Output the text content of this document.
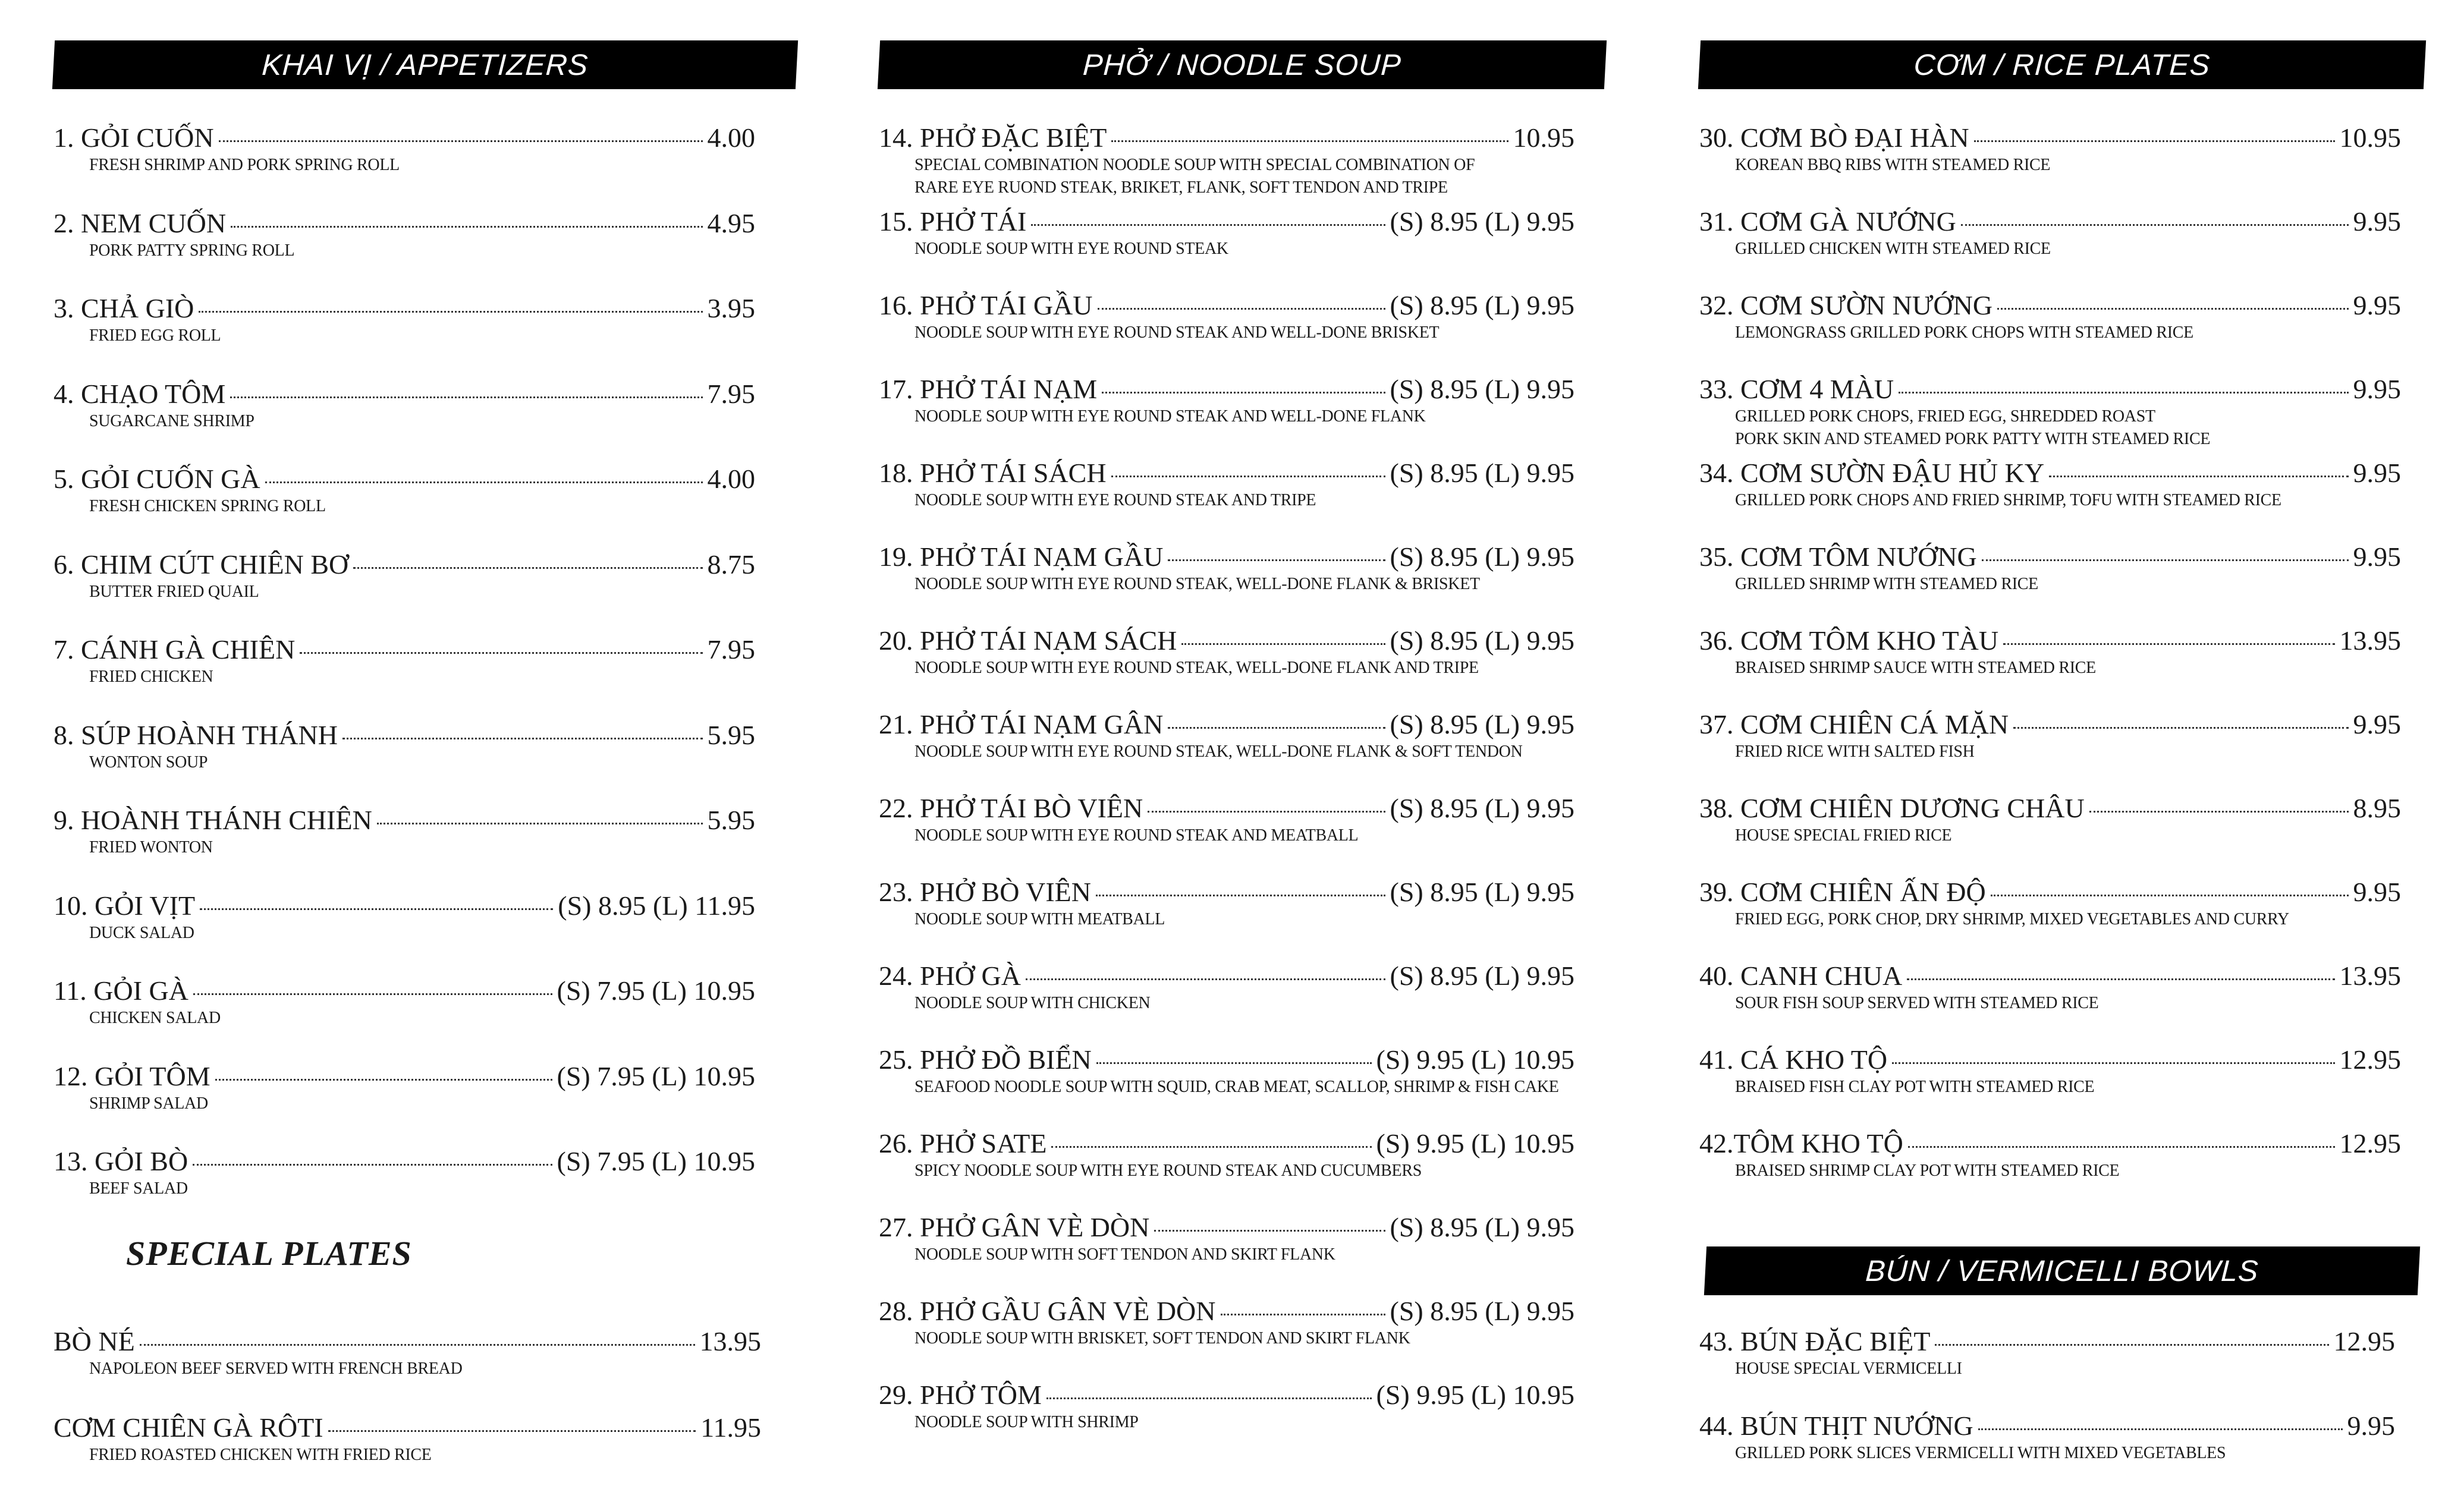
KHAI VỊ / APPETIZERS
1. GỎI CUỐN	4.00
FRESH SHRIMP AND PORK SPRING ROLL
2. NEM CUỐN	4.95
PORK PATTY SPRING ROLL
3. CHẢ GIÒ	3.95
FRIED EGG ROLL
4. CHẠO TÔM	7.95
SUGARCANE SHRIMP
5. GỎI CUỐN GÀ	4.00
FRESH CHICKEN SPRING ROLL
6. CHIM CÚT CHIÊN BƠ	8.75
BUTTER FRIED QUAIL
7. CÁNH GÀ CHIÊN	7.95
FRIED CHICKEN
8. SÚP HOÀNH THÁNH	5.95
WONTON SOUP
9. HOÀNH THÁNH CHIÊN	5.95
FRIED WONTON
10. GỎI VỊT	(S) 8.95 (L) 11.95
DUCK SALAD
11. GỎI GÀ	(S) 7.95 (L) 10.95
CHICKEN SALAD
12. GỎI TÔM	(S) 7.95 (L) 10.95
SHRIMP SALAD
13. GỎI BÒ	(S) 7.95 (L) 10.95
BEEF SALAD
SPECIAL PLATES
BÒ NÉ	13.95
NAPOLEON BEEF SERVED WITH FRENCH BREAD
CƠM CHIÊN GÀ RÔTI	11.95
FRIED ROASTED CHICKEN WITH FRIED RICE
PHỞ / NOODLE SOUP
14. PHỞ ĐẶC BIỆT	10.95
SPECIAL COMBINATION NOODLE SOUP WITH SPECIAL COMBINATION OF
RARE EYE RUOND STEAK, BRIKET, FLANK, SOFT TENDON AND TRIPE
15. PHỞ TÁI	(S) 8.95 (L) 9.95
NOODLE SOUP WITH EYE ROUND STEAK
16. PHỞ TÁI GẦU	(S) 8.95 (L) 9.95
NOODLE SOUP WITH EYE ROUND STEAK AND WELL-DONE BRISKET
17. PHỞ TÁI NẠM	(S) 8.95 (L) 9.95
NOODLE SOUP WITH EYE ROUND STEAK AND WELL-DONE FLANK
18. PHỞ TÁI SÁCH	(S) 8.95 (L) 9.95
NOODLE SOUP WITH EYE ROUND STEAK AND TRIPE
19. PHỞ TÁI NẠM GẦU	(S) 8.95 (L) 9.95
NOODLE SOUP WITH EYE ROUND STEAK, WELL-DONE FLANK & BRISKET
20. PHỞ TÁI NẠM SÁCH	(S) 8.95 (L) 9.95
NOODLE SOUP WITH EYE ROUND STEAK, WELL-DONE FLANK AND TRIPE
21. PHỞ TÁI NẠM GÂN	(S) 8.95 (L) 9.95
NOODLE SOUP WITH EYE ROUND STEAK, WELL-DONE FLANK & SOFT TENDON
22. PHỞ TÁI BÒ VIÊN	(S) 8.95 (L) 9.95
NOODLE SOUP WITH EYE ROUND STEAK AND MEATBALL
23. PHỞ BÒ VIÊN	(S) 8.95 (L) 9.95
NOODLE SOUP WITH MEATBALL
24. PHỞ GÀ	(S) 8.95 (L) 9.95
NOODLE SOUP WITH CHICKEN
25. PHỞ ĐỒ BIỂN	(S) 9.95 (L) 10.95
SEAFOOD NOODLE SOUP WITH SQUID, CRAB MEAT, SCALLOP, SHRIMP & FISH CAKE
26. PHỞ SATE	(S) 9.95 (L) 10.95
SPICY NOODLE SOUP WITH EYE ROUND STEAK AND CUCUMBERS
27. PHỞ GÂN VÈ DÒN	(S) 8.95 (L) 9.95
NOODLE SOUP WITH SOFT TENDON AND SKIRT FLANK
28. PHỞ GẦU GÂN VÈ DÒN	(S) 8.95 (L) 9.95
NOODLE SOUP WITH BRISKET, SOFT TENDON AND SKIRT FLANK
29. PHỞ TÔM	(S) 9.95 (L) 10.95
NOODLE SOUP WITH SHRIMP
CƠM / RICE PLATES
30. CƠM BÒ ĐẠI HÀN	10.95
KOREAN BBQ RIBS WITH STEAMED RICE
31. CƠM GÀ NƯỚNG	9.95
GRILLED CHICKEN WITH STEAMED RICE
32. CƠM SƯỜN NƯỚNG	9.95
LEMONGRASS GRILLED PORK CHOPS WITH STEAMED RICE
33. CƠM 4 MÀU	9.95
GRILLED PORK CHOPS, FRIED EGG, SHREDDED ROAST
PORK SKIN AND STEAMED PORK PATTY WITH STEAMED RICE
34. CƠM SƯỜN ĐẬU HỦ KY	9.95
GRILLED PORK CHOPS AND FRIED SHRIMP, TOFU WITH STEAMED RICE
35. CƠM TÔM NƯỚNG	9.95
GRILLED SHRIMP WITH STEAMED RICE
36. CƠM TÔM KHO TÀU	13.95
BRAISED SHRIMP SAUCE WITH STEAMED RICE
37. CƠM CHIÊN CÁ MẶN	9.95
FRIED RICE WITH SALTED FISH
38. CƠM CHIÊN DƯƠNG CHÂU	8.95
HOUSE SPECIAL FRIED RICE
39. CƠM CHIÊN ẤN ĐỘ	9.95
FRIED EGG, PORK CHOP, DRY SHRIMP, MIXED VEGETABLES AND CURRY
40. CANH CHUA	13.95
SOUR FISH SOUP SERVED WITH STEAMED RICE
41. CÁ KHO TỘ	12.95
BRAISED FISH CLAY POT WITH STEAMED RICE
42.TÔM KHO TỘ	12.95
BRAISED SHRIMP CLAY POT WITH STEAMED RICE
BÚN / VERMICELLI BOWLS
43. BÚN ĐẶC BIỆT	12.95
HOUSE SPECIAL VERMICELLI
44. BÚN THỊT NƯỚNG	9.95
GRILLED PORK SLICES VERMICELLI WITH MIXED VEGETABLES
